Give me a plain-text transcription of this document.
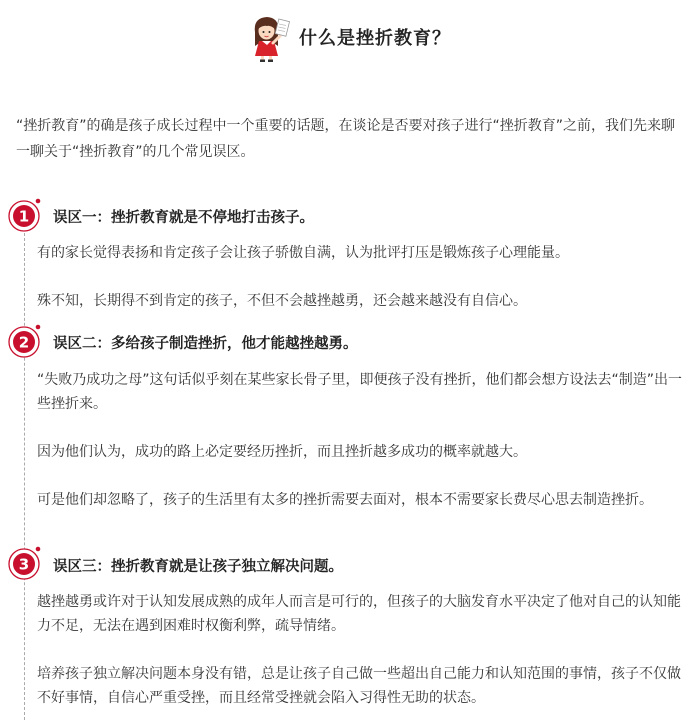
什么是挫折教育？
“挫折教育”的确是孩子成长过程中一个重要的话题，在谈论是否要对孩子进行“挫折教育”之前，我们先来聊一聊关于“挫折教育”的几个常见误区。
1 误区一：挫折教育就是不停地打击孩子。
有的家长觉得表扬和肯定孩子会让孩子骄傲自满，认为批评打压是锻炼孩子心理能量。
殊不知，长期得不到肯定的孩子，不但不会越挫越勇，还会越来越没有自信心。
2 误区二：多给孩子制造挫折，他才能越挫越勇。
“失败乃成功之母”这句话似乎刻在某些家长骨子里，即便孩子没有挫折，他们都会想方设法去“制造”出一些挫折来。
因为他们认为，成功的路上必定要经历挫折，而且挫折越多成功的概率就越大。
可是他们却忽略了，孩子的生活里有太多的挫折需要去面对，根本不需要家长费尽心思去制造挫折。
3 误区三：挫折教育就是让孩子独立解决问题。
越挫越勇或许对于认知发展成熟的成年人而言是可行的，但孩子的大脑发育水平决定了他对自己的认知能力不足，无法在遇到困难时权衡利弊，疏导情绪。
培养孩子独立解决问题本身没有错，总是让孩子自己做一些超出自己能力和认知范围的事情，孩子不仅做不好事情，自信心严重受挫，而且经常受挫就会陷入习得性无助的状态。
